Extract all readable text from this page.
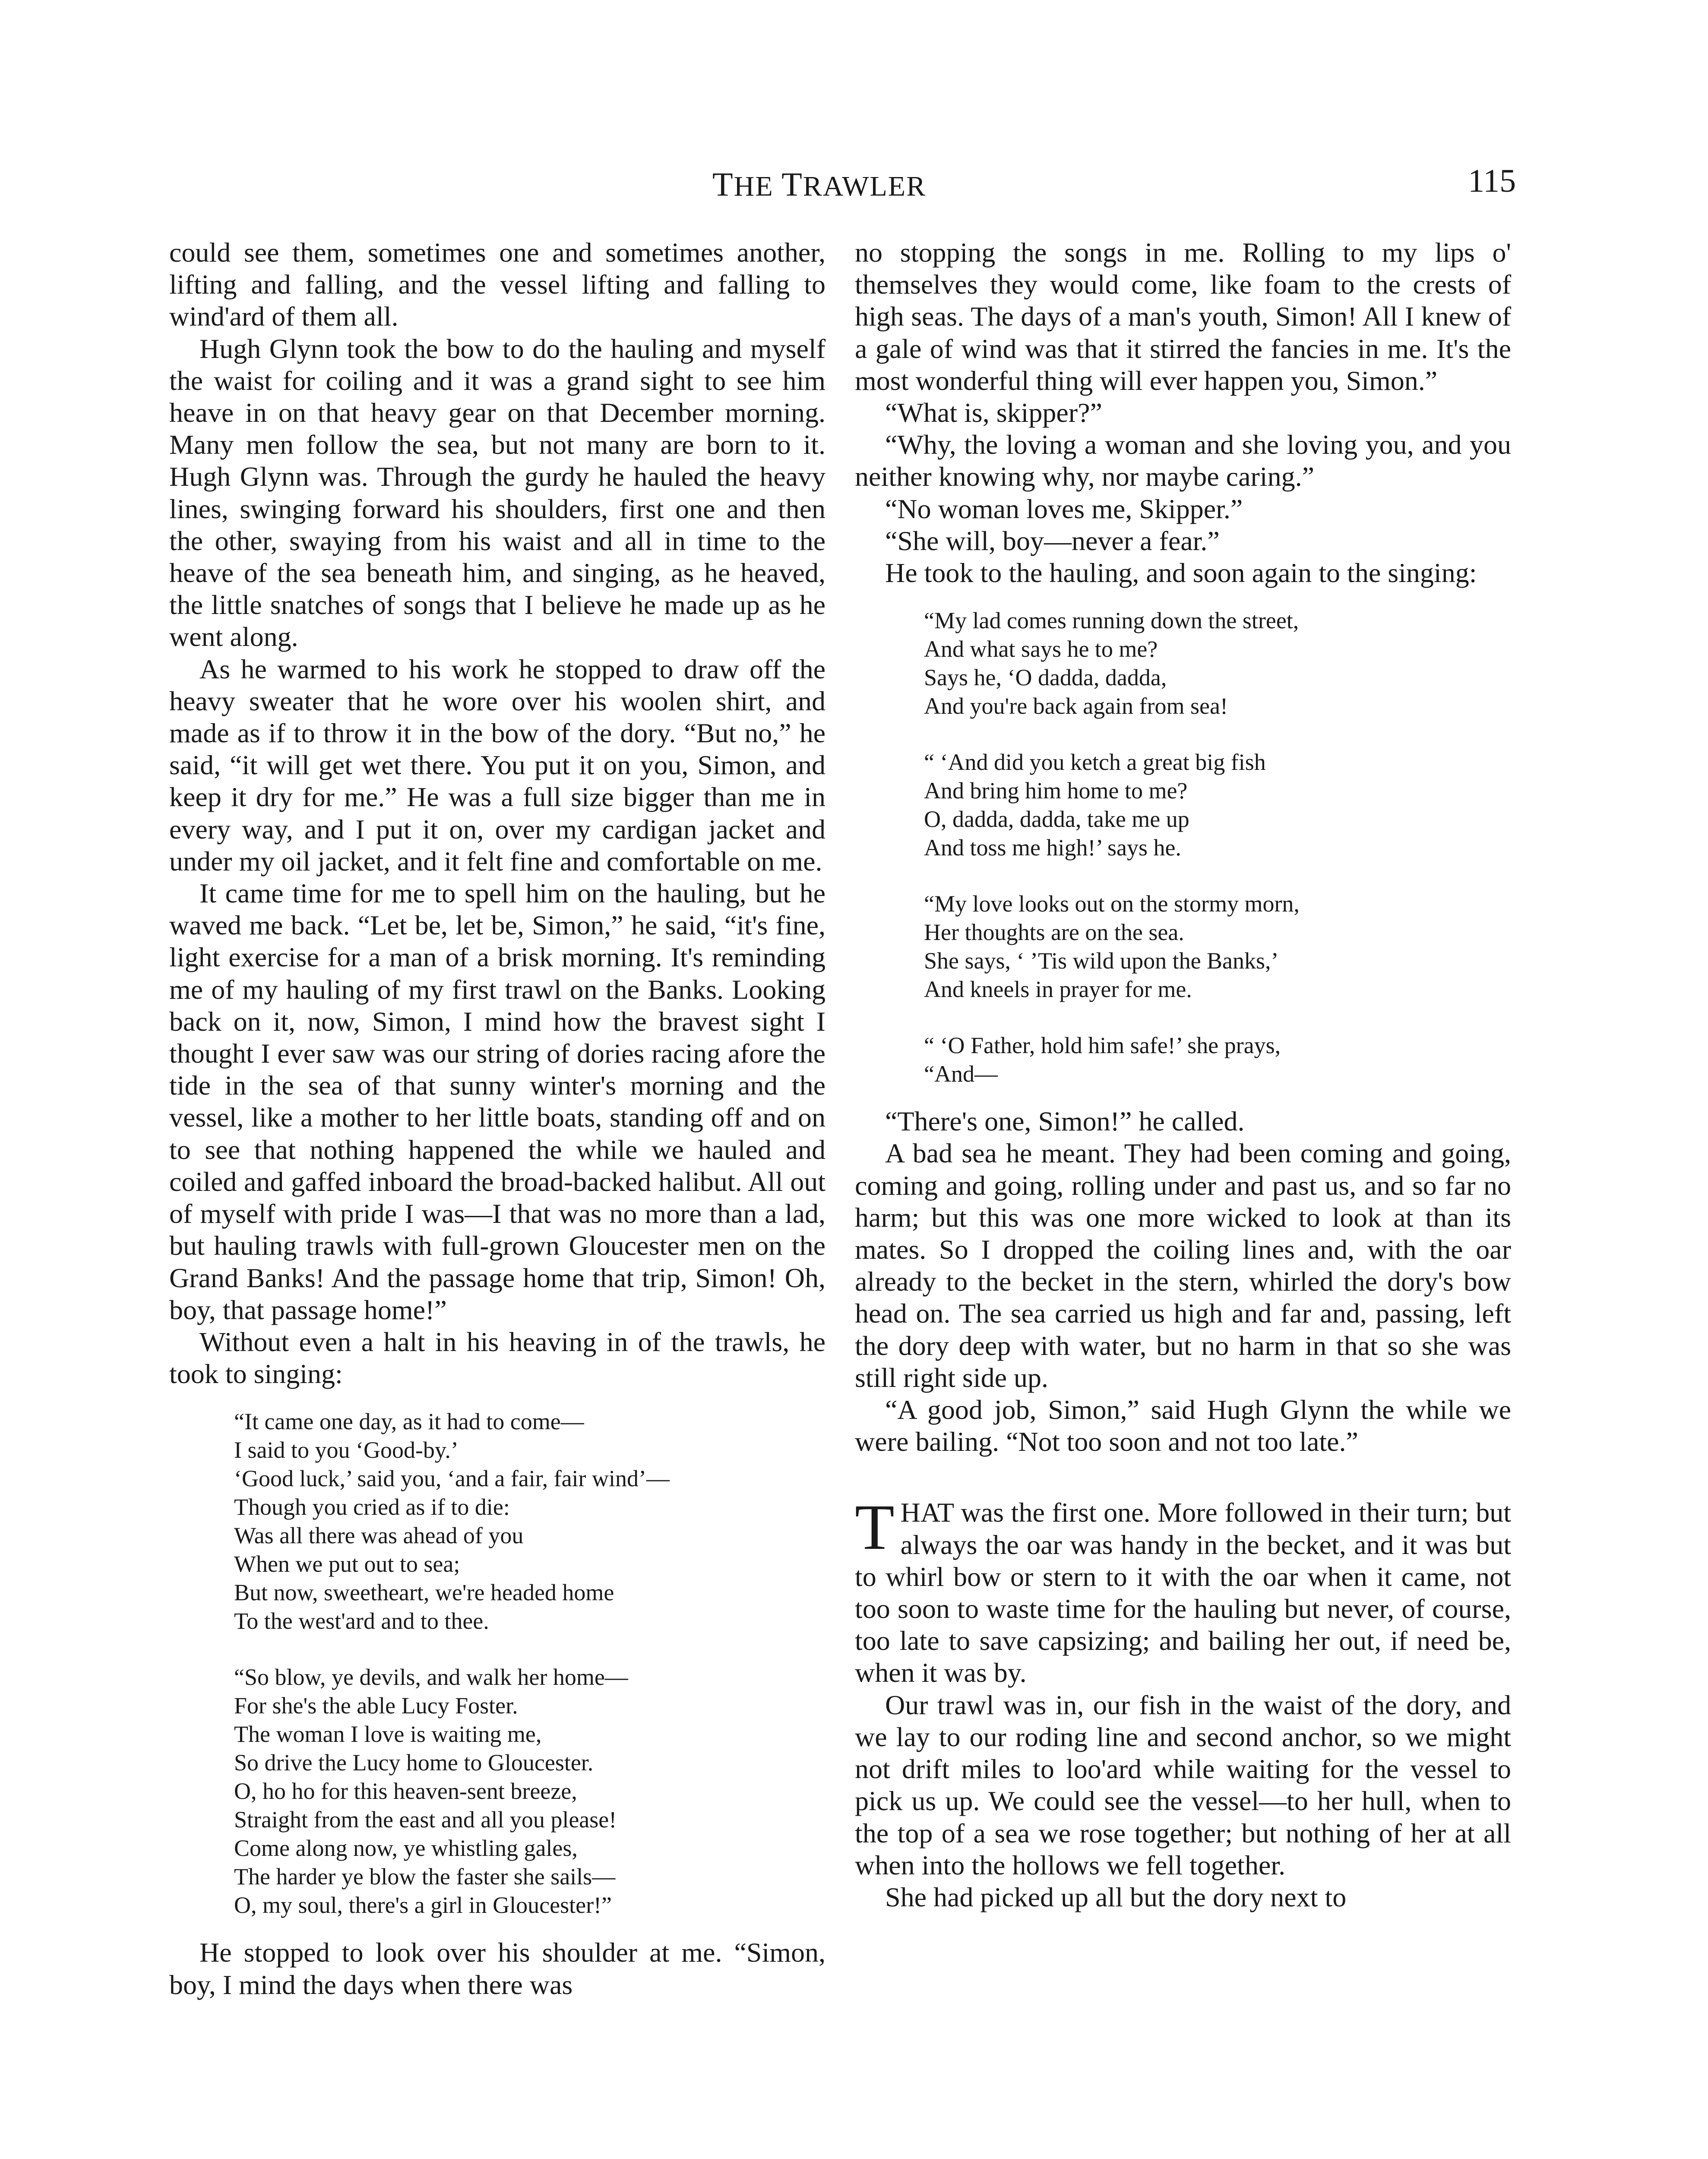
THE TRAWLER	115

could see them, sometimes one and sometimes another, lifting and falling, and the vessel lifting and falling to wind'ard of them all.

Hugh Glynn took the bow to do the hauling and myself the waist for coiling and it was a grand sight to see him heave in on that heavy gear on that December morning. Many men follow the sea, but not many are born to it. Hugh Glynn was. Through the gurdy he hauled the heavy lines, swinging forward his shoulders, first one and then the other, swaying from his waist and all in time to the heave of the sea beneath him, and singing, as he heaved, the little snatches of songs that I believe he made up as he went along.

As he warmed to his work he stopped to draw off the heavy sweater that he wore over his woolen shirt, and made as if to throw it in the bow of the dory. “But no,” he said, “it will get wet there. You put it on you, Simon, and keep it dry for me.” He was a full size bigger than me in every way, and I put it on, over my cardigan jacket and under my oil jacket, and it felt fine and comfortable on me.

It came time for me to spell him on the hauling, but he waved me back. “Let be, let be, Simon,” he said, “it's fine, light exercise for a man of a brisk morning. It's reminding me of my hauling of my first trawl on the Banks. Looking back on it, now, Simon, I mind how the bravest sight I thought I ever saw was our string of dories racing afore the tide in the sea of that sunny winter's morning and the vessel, like a mother to her little boats, standing off and on to see that nothing happened the while we hauled and coiled and gaffed inboard the broad-backed halibut. All out of myself with pride I was—I that was no more than a lad, but hauling trawls with full-grown Gloucester men on the Grand Banks! And the passage home that trip, Simon! Oh, boy, that passage home!”

Without even a halt in his heaving in of the trawls, he took to singing:

“It came one day, as it had to come—
I said to you ‘Good-by.’
‘Good luck,’ said you, ‘and a fair, fair wind’—
Though you cried as if to die:
Was all there was ahead of you
When we put out to sea;
But now, sweetheart, we're headed home
To the west'ard and to thee.
“So blow, ye devils, and walk her home—
For she's the able Lucy Foster.
The woman I love is waiting me,
So drive the Lucy home to Gloucester.
O, ho ho for this heaven-sent breeze,
Straight from the east and all you please!
Come along now, ye whistling gales,
The harder ye blow the faster she sails—
O, my soul, there's a girl in Gloucester!”

He stopped to look over his shoulder at me. “Simon, boy, I mind the days when there was

no stopping the songs in me. Rolling to my lips o' themselves they would come, like foam to the crests of high seas. The days of a man's youth, Simon! All I knew of a gale of wind was that it stirred the fancies in me. It's the most wonderful thing will ever happen you, Simon.”

“What is, skipper?”

“Why, the loving a woman and she loving you, and you neither knowing why, nor maybe caring.”

“No woman loves me, Skipper.”

“She will, boy—never a fear.”

He took to the hauling, and soon again to the singing:

“My lad comes running down the street,
And what says he to me?
Says he, ‘O dadda, dadda,
And you're back again from sea!
“ ‘And did you ketch a great big fish
And bring him home to me?
O, dadda, dadda, take me up
And toss me high!’ says he.
“My love looks out on the stormy morn,
Her thoughts are on the sea.
She says, ‘ ’Tis wild upon the Banks,’
And kneels in prayer for me.
“ ‘O Father, hold him safe!’ she prays,
“And—

“There's one, Simon!” he called.

A bad sea he meant. They had been coming and going, coming and going, rolling under and past us, and so far no harm; but this was one more wicked to look at than its mates. So I dropped the coiling lines and, with the oar already to the becket in the stern, whirled the dory's bow head on. The sea carried us high and far and, passing, left the dory deep with water, but no harm in that so she was still right side up.

“A good job, Simon,” said Hugh Glynn the while we were bailing. “Not too soon and not too late.”

THAT was the first one. More followed in their turn; but always the oar was handy in the becket, and it was but to whirl bow or stern to it with the oar when it came, not too soon to waste time for the hauling but never, of course, too late to save capsizing; and bailing her out, if need be, when it was by.

Our trawl was in, our fish in the waist of the dory, and we lay to our roding line and second anchor, so we might not drift miles to loo'ard while waiting for the vessel to pick us up. We could see the vessel—to her hull, when to the top of a sea we rose together; but nothing of her at all when into the hollows we fell together.

She had picked up all but the dory next to
